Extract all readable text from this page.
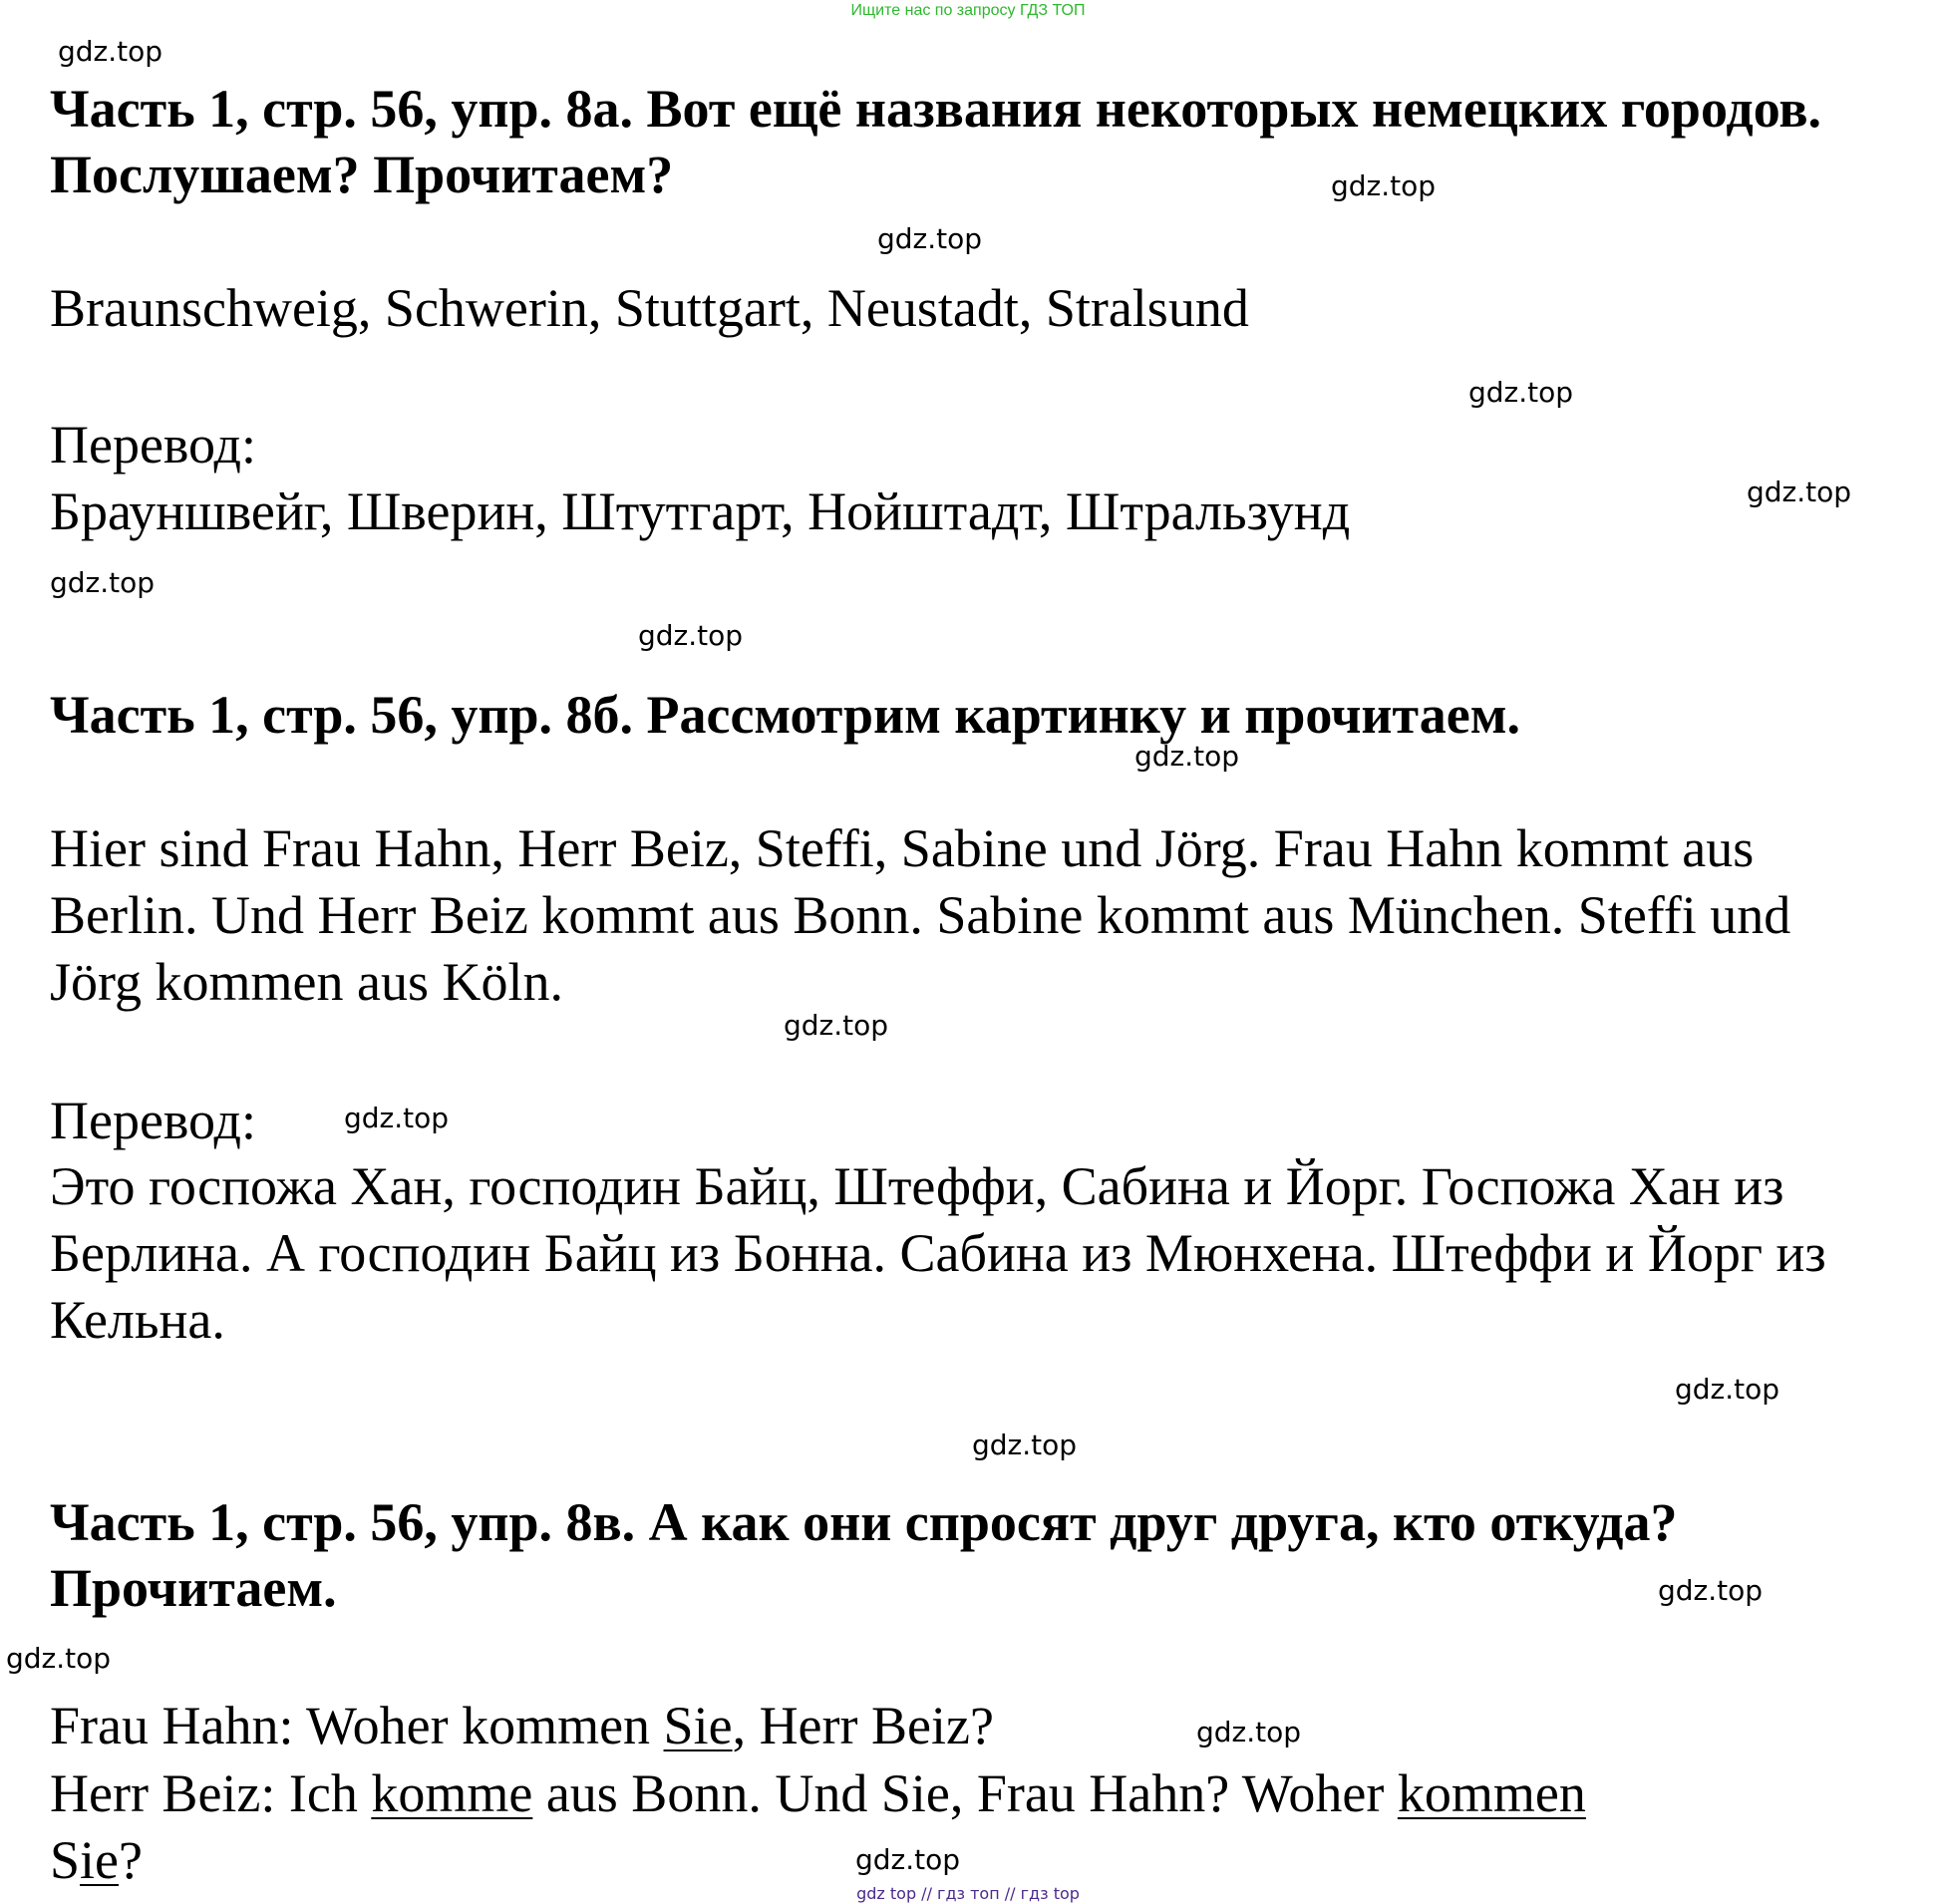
Ищите нас по запросу ГДЗ ТОП
gdz.top
gdz.top
gdz.top
gdz.top
gdz.top
gdz.top
gdz.top
gdz.top
gdz.top
gdz.top
gdz.top
gdz.top
gdz.top
gdz.top
gdz.top
gdz.top
Часть 1, стр. 56, упр. 8а. Вот ещё названия некоторых немецких городов. Послушаем? Прочитаем?

Braunschweig, Schwerin, Stuttgart, Neustadt, Stralsund

Перевод:

Брауншвейг, Шверин, Штутгарт, Нойштадт, Штральзунд

Часть 1, стр. 56, упр. 8б. Рассмотрим картинку и прочитаем.

Hier sind Frau Hahn, Herr Beiz, Steffi, Sabine und Jörg. Frau Hahn kommt aus Berlin. Und Herr Beiz kommt aus Bonn. Sabine kommt aus München. Steffi und Jörg kommen aus Köln.

Перевод:

Это госпожа Хан, господин Байц, Штеффи, Сабина и Йорг. Госпожа Хан из Берлина. А господин Байц из Бонна. Сабина из Мюнхена. Штеффи и Йорг из Кельна.

Часть 1, стр. 56, упр. 8в. А как они спросят друг друга, кто откуда? Прочитаем.

Frau Hahn: Woher kommen Sie, Herr Beiz?

Herr Beiz: Ich komme aus Bonn. Und Sie, Frau Hahn? Woher kommen
Sie?

gdz top // гдз топ // гдз top
